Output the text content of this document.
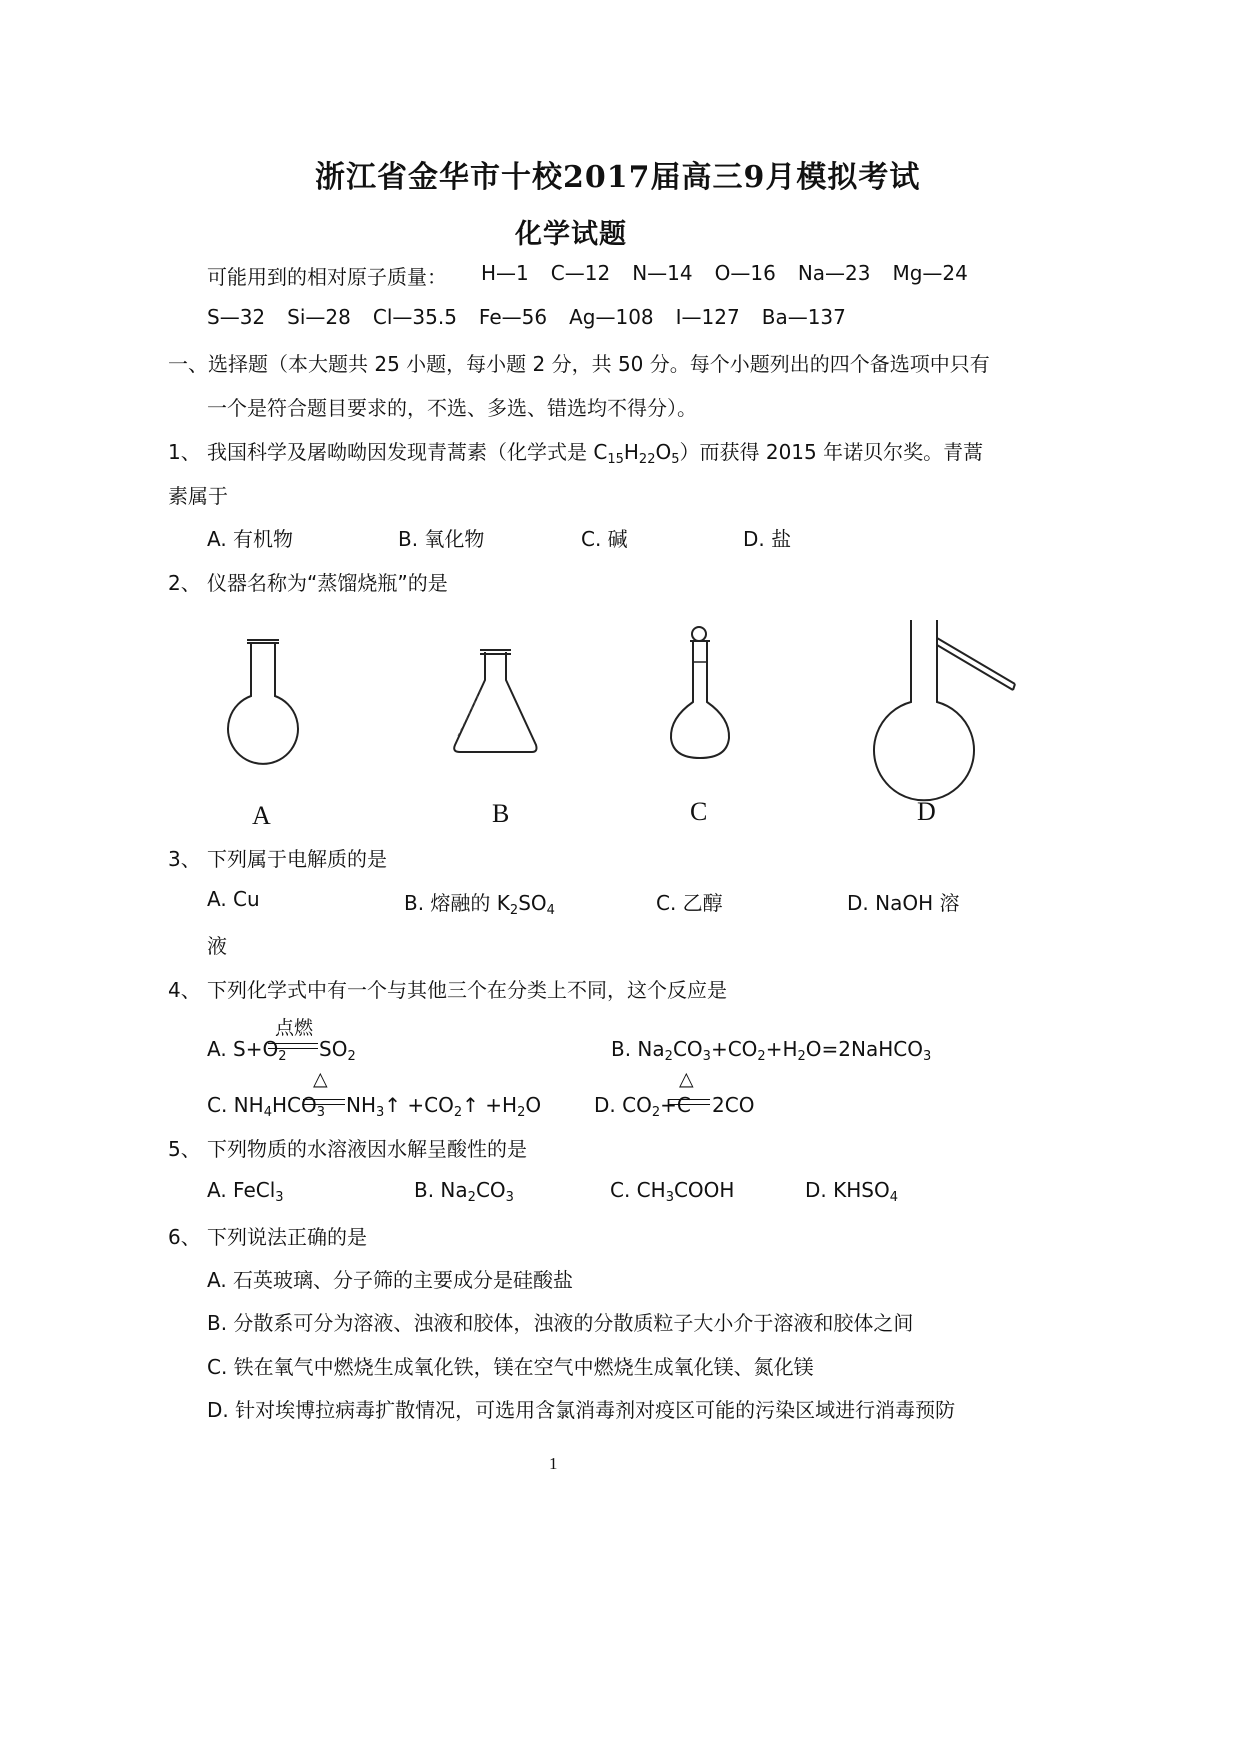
浙江省金华市十校2017届高三9月模拟考试
化学试题
可能用到的相对原子质量： H—1 C—12 N—14 O—16 Na—23 Mg—24
S—32 Si—28 Cl—35.5 Fe—56 Ag—108 I—127 Ba—137
一、选择题（本大题共 25 小题，每小题 2 分，共 50 分。每个小题列出的四个备选项中只有
一个是符合题目要求的，不选、多选、错选均不得分）。
1、 我国科学及屠呦呦因发现青蒿素（化学式是 $C_{15}H_{22}O_5$）而获得 2015 年诺贝尔奖。青蒿
素属于
A. 有机物	B. 氧化物	C. 碱	D. 盐
2、 仪器名称为“蒸馏烧瓶”的是
A	B	C	D
3、 下列属于电解质的是
A. Cu	B. 熔融的 $K_2SO_4$	C. 乙醇	D. NaOH 溶
液
4、 下列化学式中有一个与其他三个在分类上不同，这个反应是
A. $S+O_2$
点燃
$SO_2$	B. $Na_2CO_3+CO_2+H_2O=2NaHCO_3$
C. $NH_4HCO_3$
△
$NH_3↑$ $+CO_2↑ +H_2O$	D. $CO_2+C$
△
2CO
5、 下列物质的水溶液因水解呈酸性的是
A. FeCl$_3$	B. $Na_2CO_3$	C. $CH_3COOH$	D. $KHSO_4$
6、 下列说法正确的是
A. 石英玻璃、分子筛的主要成分是硅酸盐
B. 分散系可分为溶液、浊液和胶体，浊液的分散质粒子大小介于溶液和胶体之间
C. 铁在氧气中燃烧生成氧化铁，镁在空气中燃烧生成氧化镁、氮化镁
D. 针对埃博拉病毒扩散情况，可选用含氯消毒剂对疫区可能的污染区域进行消毒预防
1
